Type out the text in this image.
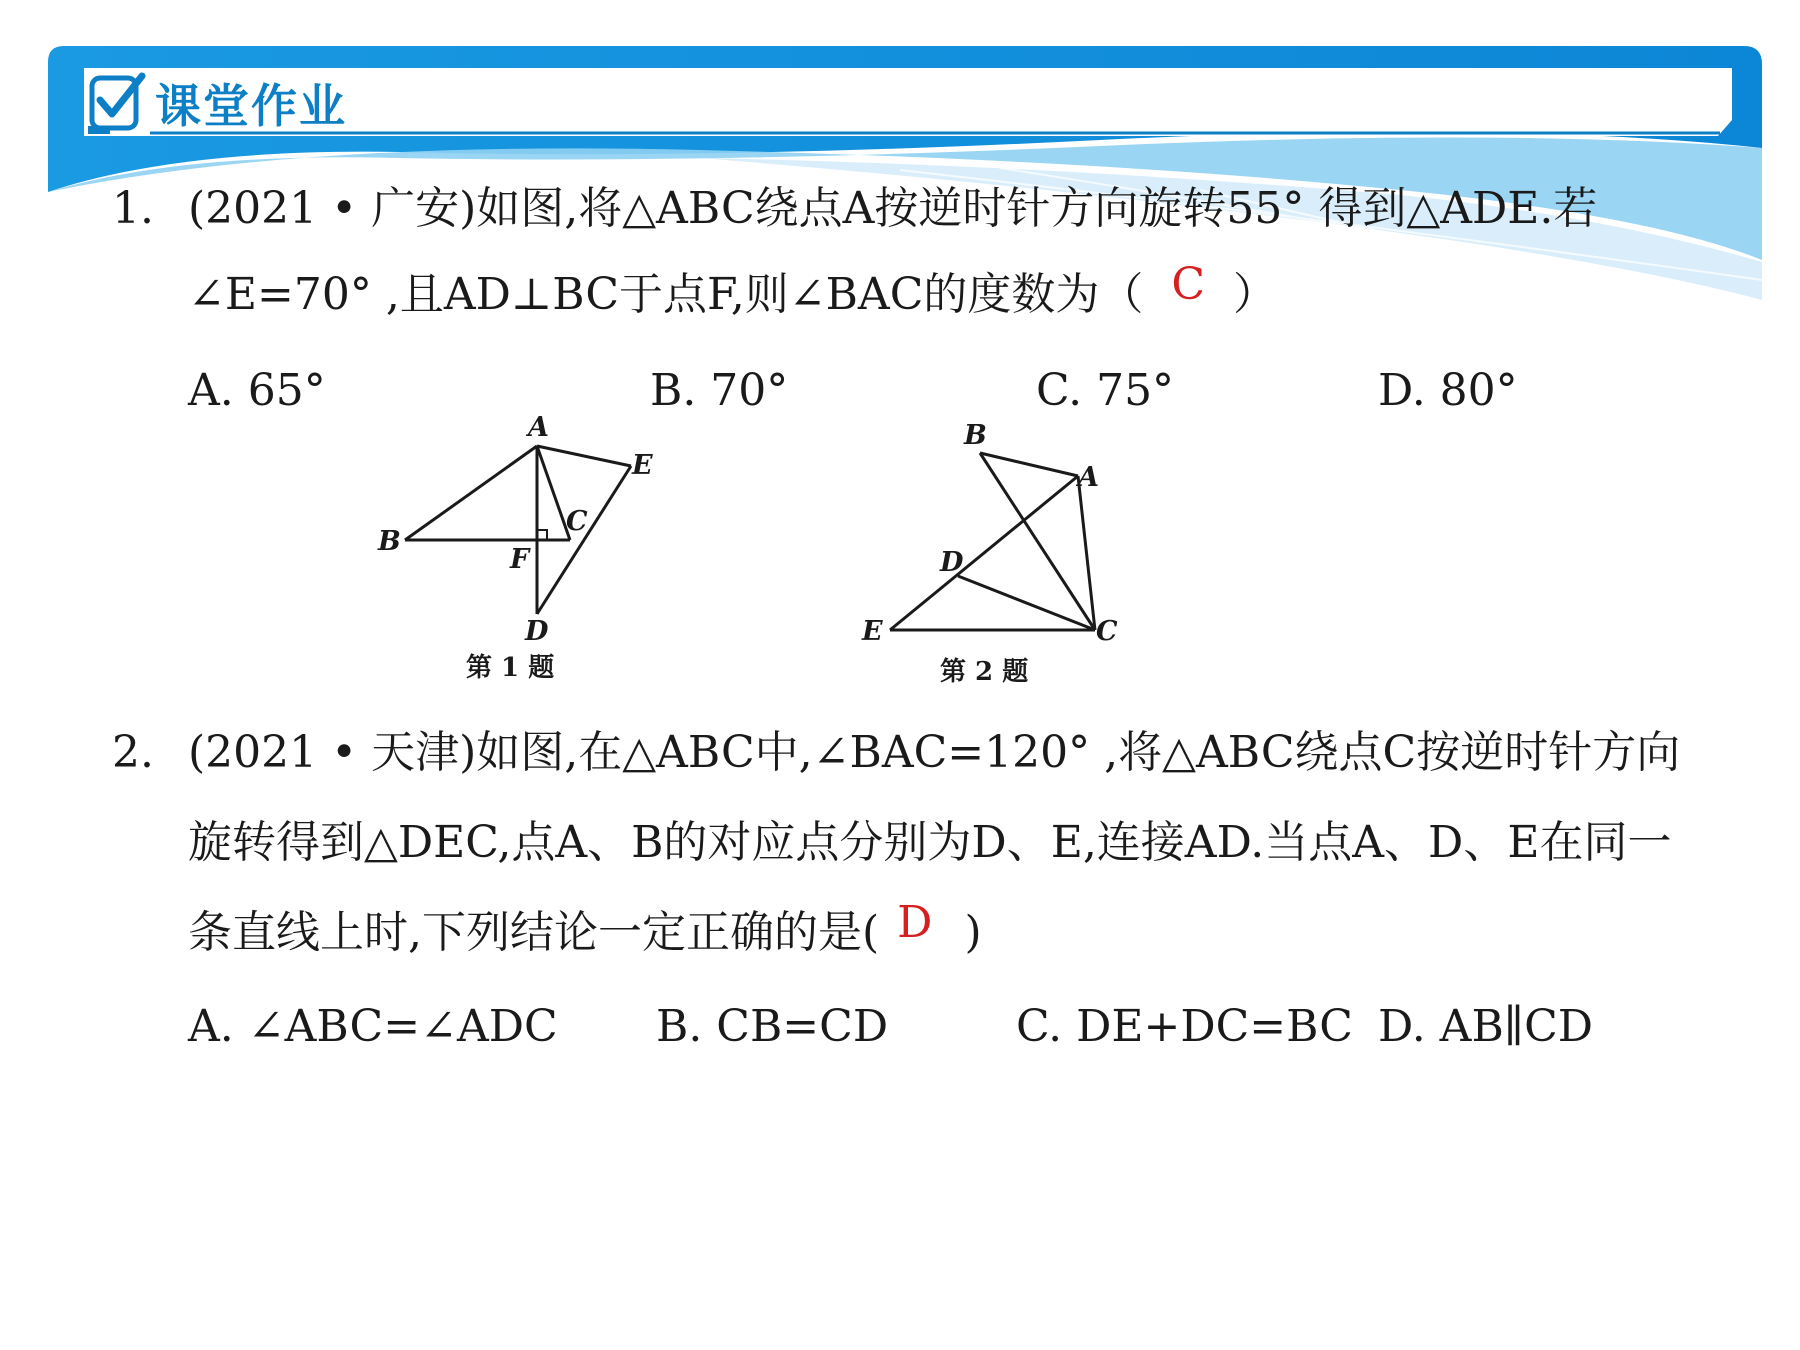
课堂作业
1. (2021 • 广安)如图,将△ABC绕点A按逆时针方向旋转55° 得到△ADE.若
∠E=70° ,且AD⊥BC于点F,则∠BAC的度数为（ C ）
A. 65°	B. 70°	C. 75°	D. 80°
A
B
C
D
E
F
第 1 题
B
A
C
D
E
第 2 题
2. (2021 • 天津)如图,在△ABC中,∠BAC=120° ,将△ABC绕点C按逆时针方向
旋转得到△DEC,点A、B的对应点分别为D、E,连接AD.当点A、D、E在同一
条直线上时,下列结论一定正确的是( D )
A. ∠ABC=∠ADC B. CB=CD	C. DE+DC=BC D. AB∥CD
